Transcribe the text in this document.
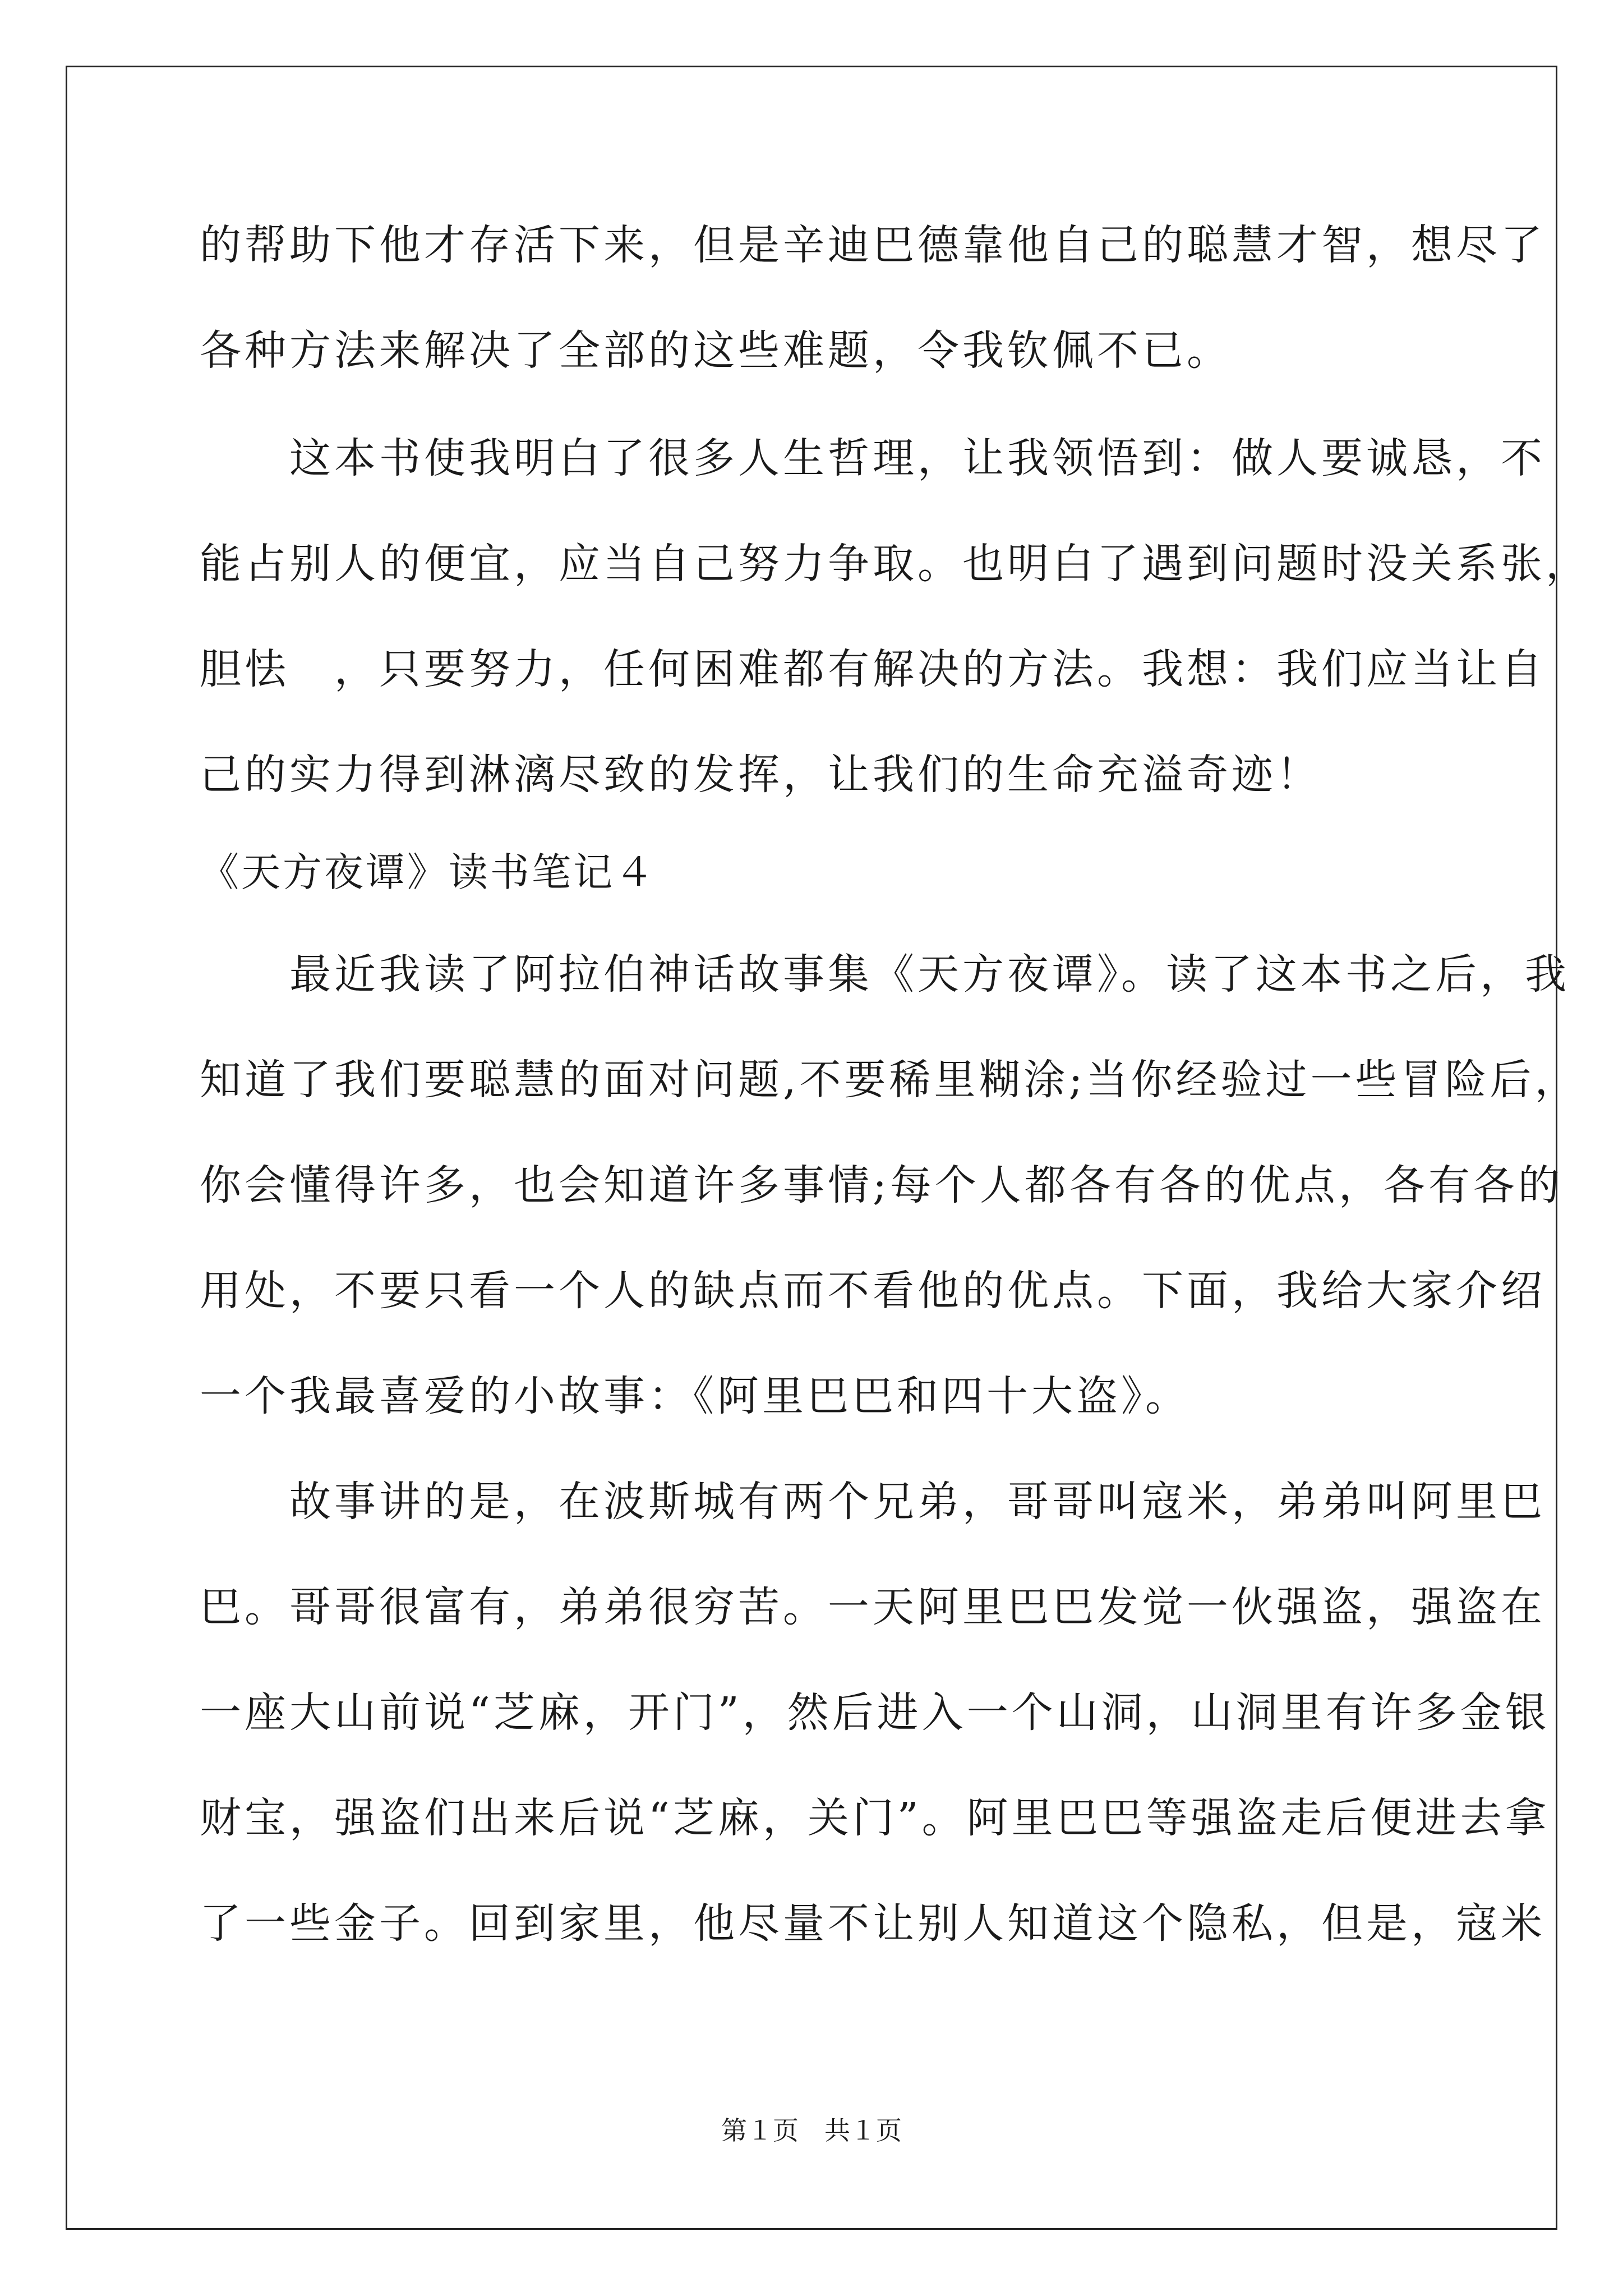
的帮助下他才存活下来，但是辛迪巴德靠他自己的聪慧才智，想尽了
各种方法来解决了全部的这些难题，令我钦佩不已。
　　这本书使我明白了很多人生哲理，让我领悟到：做人要诚恳，不
能占别人的便宜，应当自己努力争取。也明白了遇到问题时没关系张，
胆怯　，只要努力，任何困难都有解决的方法。我想：我们应当让自
己的实力得到淋漓尽致的发挥，让我们的生命充溢奇迹！
《天方夜谭》读书笔记４
　　最近我读了阿拉伯神话故事集《天方夜谭》。读了这本书之后，我
知道了我们要聪慧的面对问题,不要稀里糊涂;当你经验过一些冒险后，
你会懂得许多，也会知道许多事情;每个人都各有各的优点，各有各的
用处，不要只看一个人的缺点而不看他的优点。下面，我给大家介绍
一个我最喜爱的小故事：《阿里巴巴和四十大盗》。
　　故事讲的是，在波斯城有两个兄弟，哥哥叫寇米，弟弟叫阿里巴
巴。哥哥很富有，弟弟很穷苦。一天阿里巴巴发觉一伙强盗，强盗在
一座大山前说“芝麻，开门”，然后进入一个山洞，山洞里有许多金银
财宝，强盗们出来后说“芝麻，关门”。阿里巴巴等强盗走后便进去拿
了一些金子。回到家里，他尽量不让别人知道这个隐私，但是，寇米
第１页　共１页
